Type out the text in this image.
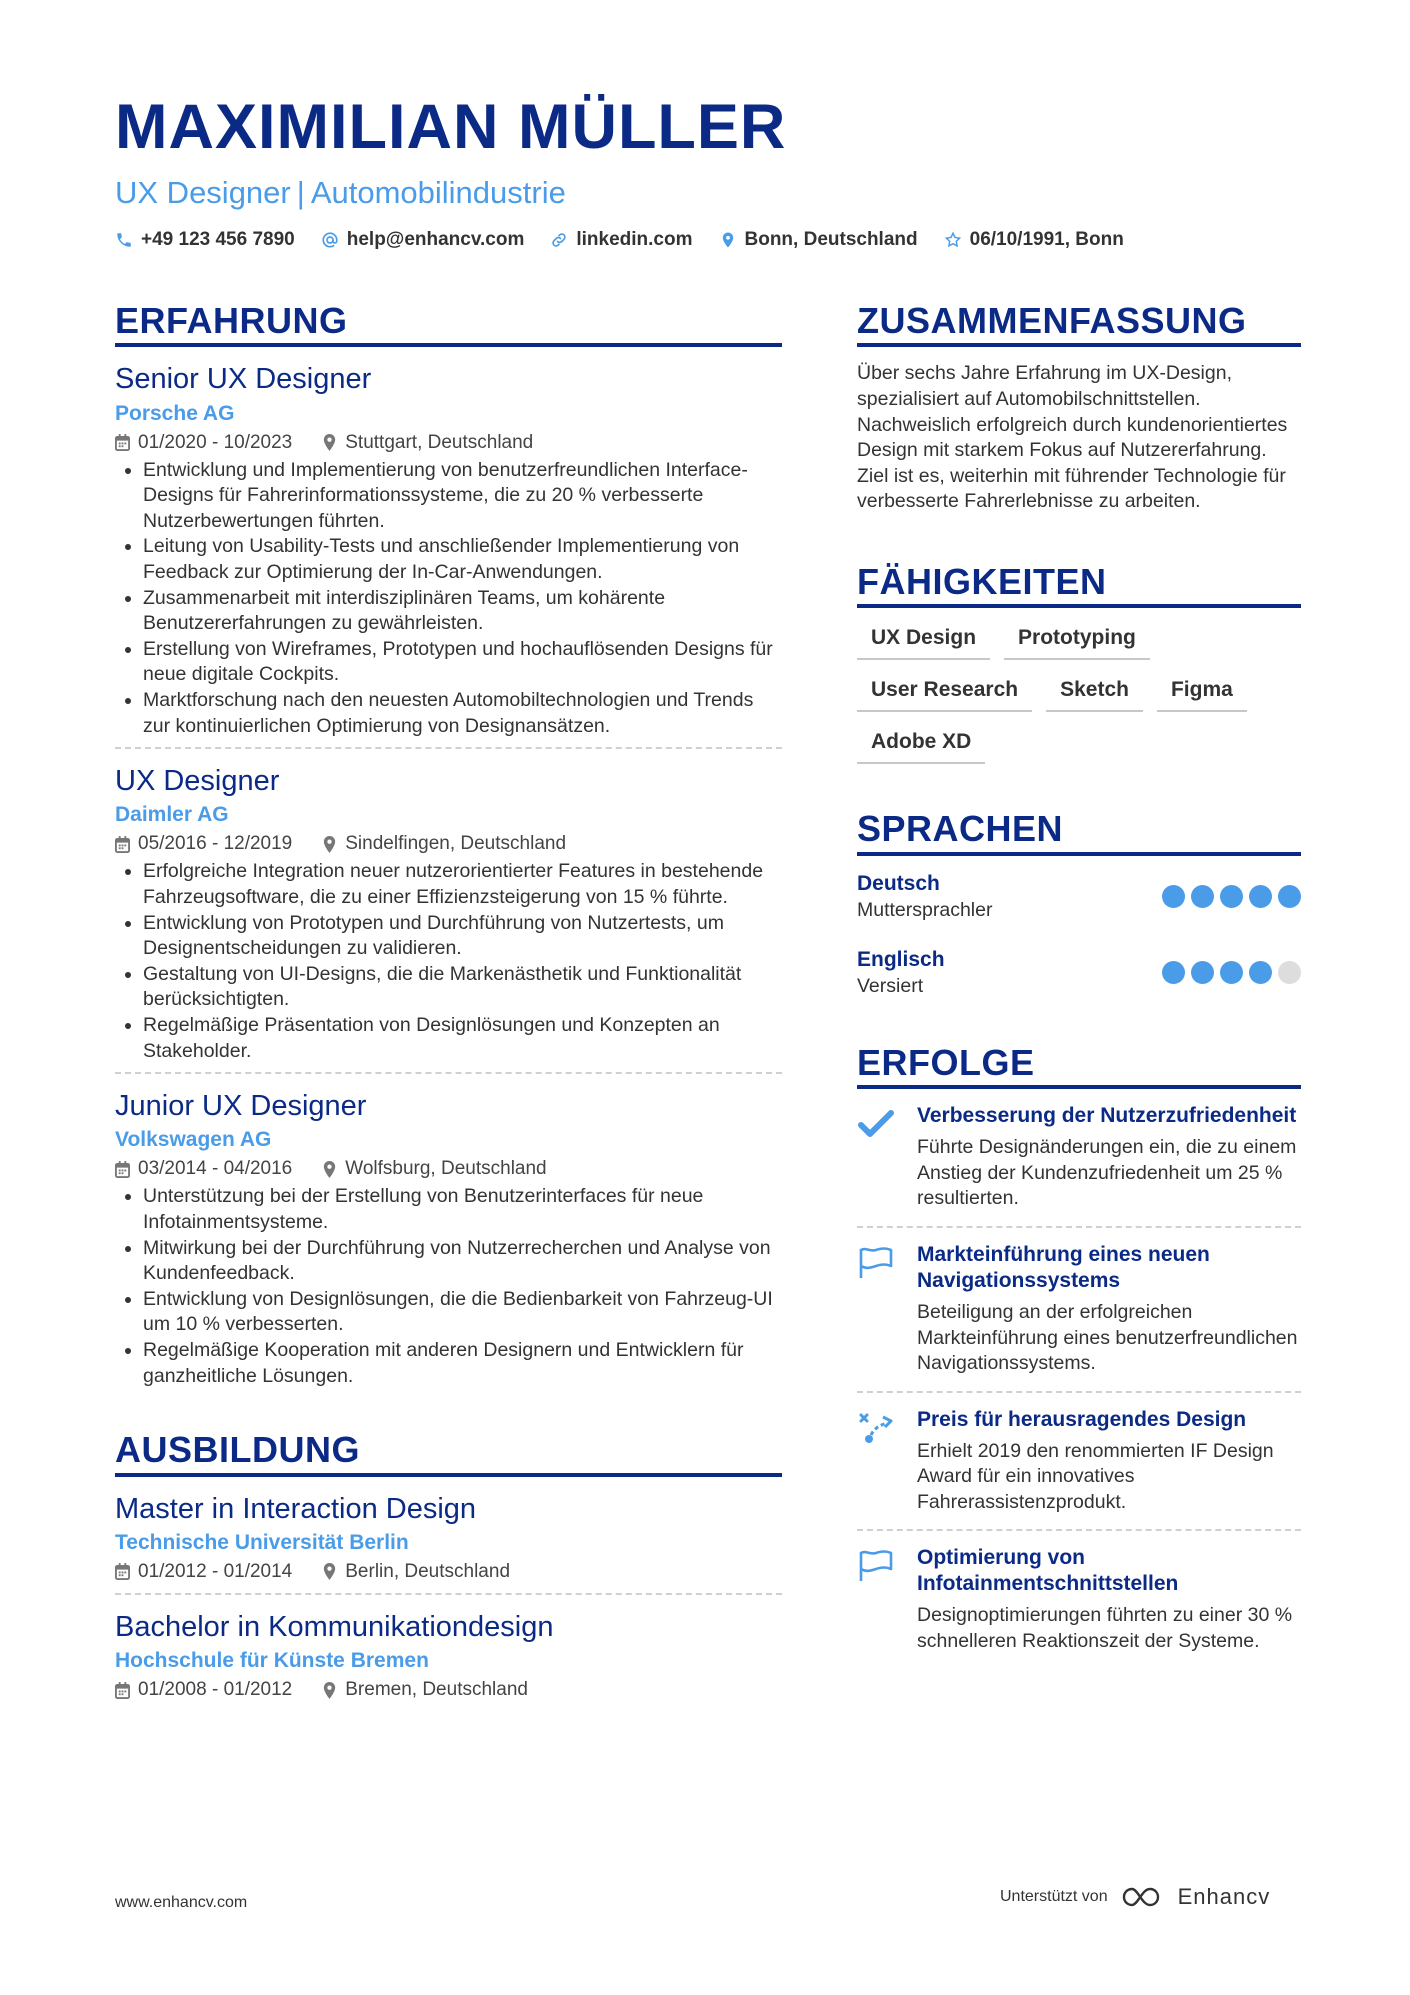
MAXIMILIAN MÜLLER
UX Designer | Automobilindustrie
+49 123 456 7890	help@enhancv.com	linkedin.com	Bonn, Deutschland	06/10/1991, Bonn
ERFAHRUNG
Senior UX Designer
Porsche AG
01/2020 - 10/2023	Stuttgart, Deutschland
• Entwicklung und Implementierung von benutzerfreundlichen Interface-Designs für Fahrerinformationssysteme, die zu 20 % verbesserte Nutzerbewertungen führten.
• Leitung von Usability-Tests und anschließender Implementierung von Feedback zur Optimierung der In-Car-Anwendungen.
• Zusammenarbeit mit interdisziplinären Teams, um kohärente Benutzererfahrungen zu gewährleisten.
• Erstellung von Wireframes, Prototypen und hochauflösenden Designs für neue digitale Cockpits.
• Marktforschung nach den neuesten Automobiltechnologien und Trends zur kontinuierlichen Optimierung von Designansätzen.
UX Designer
Daimler AG
05/2016 - 12/2019	Sindelfingen, Deutschland
• Erfolgreiche Integration neuer nutzerorientierter Features in bestehende Fahrzeugsoftware, die zu einer Effizienzsteigerung von 15 % führte.
• Entwicklung von Prototypen und Durchführung von Nutzertests, um Designentscheidungen zu validieren.
• Gestaltung von UI-Designs, die die Markenästhetik und Funktionalität berücksichtigten.
• Regelmäßige Präsentation von Designlösungen und Konzepten an Stakeholder.
Junior UX Designer
Volkswagen AG
03/2014 - 04/2016	Wolfsburg, Deutschland
• Unterstützung bei der Erstellung von Benutzerinterfaces für neue Infotainmentsysteme.
• Mitwirkung bei der Durchführung von Nutzerrecherchen und Analyse von Kundenfeedback.
• Entwicklung von Designlösungen, die die Bedienbarkeit von Fahrzeug-UI um 10 % verbesserten.
• Regelmäßige Kooperation mit anderen Designern und Entwicklern für ganzheitliche Lösungen.
AUSBILDUNG
Master in Interaction Design
Technische Universität Berlin
01/2012 - 01/2014	Berlin, Deutschland
Bachelor in Kommunikationdesign
Hochschule für Künste Bremen
01/2008 - 01/2012	Bremen, Deutschland
ZUSAMMENFASSUNG
Über sechs Jahre Erfahrung im UX-Design, spezialisiert auf Automobilschnittstellen. Nachweislich erfolgreich durch kundenorientiertes Design mit starkem Fokus auf Nutzererfahrung. Ziel ist es, weiterhin mit führender Technologie für verbesserte Fahrerlebnisse zu arbeiten.
FÄHIGKEITEN
UX Design	Prototyping
User Research	Sketch	Figma
Adobe XD
SPRACHEN
Deutsch
Muttersprachler
Englisch
Versiert
ERFOLGE
Verbesserung der Nutzerzufriedenheit
Führte Designänderungen ein, die zu einem Anstieg der Kundenzufriedenheit um 25 % resultierten.
Markteinführung eines neuen Navigationssystems
Beteiligung an der erfolgreichen Markteinführung eines benutzerfreundlichen Navigationssystems.
Preis für herausragendes Design
Erhielt 2019 den renommierten IF Design Award für ein innovatives Fahrerassistenzprodukt.
Optimierung von Infotainmentschnittstellen
Designoptimierungen führten zu einer 30 % schnelleren Reaktionszeit der Systeme.
www.enhancv.com	Unterstützt von	Enhancv
